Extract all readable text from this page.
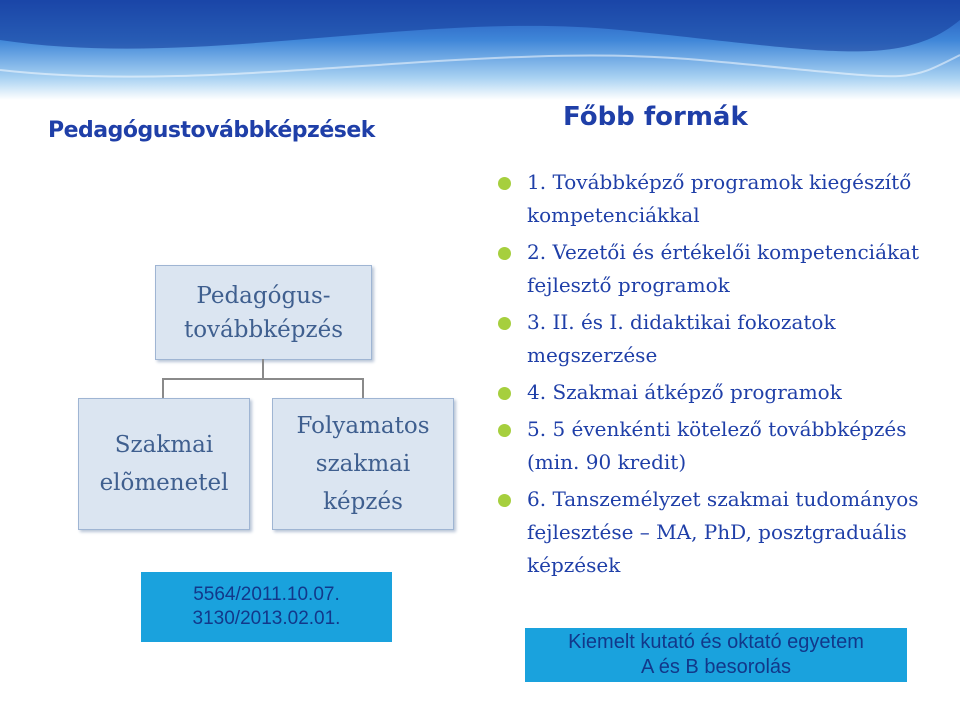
Pedagógustovábbképzések	Főbb formák
Pedagógus-
továbbképzés
Szakmai
elõmenetel
Folyamatos
szakmai
képzés
5564/2011.10.07.
3130/2013.02.01.
1. Továbbképző programok kiegészítő kompetenciákkal
2. Vezetői és értékelői kompetenciákat fejlesztő programok
3. II. és I. didaktikai fokozatok megszerzése
4. Szakmai átképző programok
5. 5 évenkénti kötelező továbbképzés (min. 90 kredit)
6. Tanszemélyzet szakmai tudományos fejlesztése – MA, PhD, posztgraduális képzések
Kiemelt kutató és oktató egyetem
A és B besorolás
